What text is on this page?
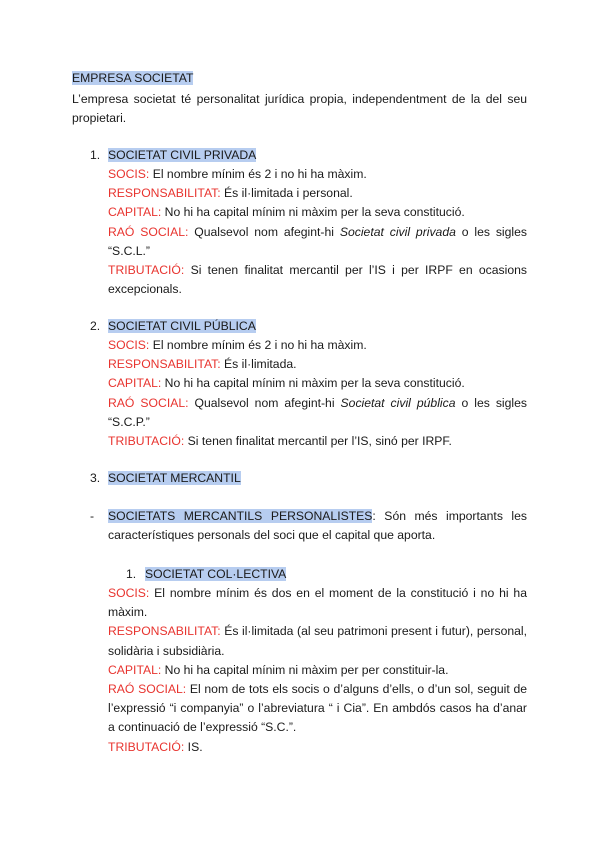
EMPRESA SOCIETAT

L’empresa societat té personalitat jurídica propia, independentment de la del seu propietari.

1. SOCIETAT CIVIL PRIVADA

SOCIS: El nombre mínim és 2 i no hi ha màxim.

RESPONSABILITAT: És il·limitada i personal.

CAPITAL: No hi ha capital mínim ni màxim per la seva constitució.

RAÓ SOCIAL: Qualsevol nom afegint-hi Societat civil privada o les sigles “S.C.L.”

TRIBUTACIÓ: Si tenen finalitat mercantil per l’IS i per IRPF en ocasions excepcionals.

2. SOCIETAT CIVIL PÚBLICA

SOCIS: El nombre mínim és 2 i no hi ha màxim.

RESPONSABILITAT: És il·limitada.

CAPITAL: No hi ha capital mínim ni màxim per la seva constitució.

RAÓ SOCIAL: Qualsevol nom afegint-hi Societat civil pública o les sigles “S.C.P.”

TRIBUTACIÓ: Si tenen finalitat mercantil per l’IS, sinó per IRPF.

3. SOCIETAT MERCANTIL
- SOCIETATS MERCANTILS PERSONALISTES: Són més importants les característiques personals del soci que el capital que aporta.

1. SOCIETAT COL·LECTIVA

SOCIS: El nombre mínim és dos en el moment de la constitució i no hi ha màxim.

RESPONSABILITAT: És il·limitada (al seu patrimoni present i futur), personal, solidària i subsidiària.

CAPITAL: No hi ha capital mínim ni màxim per per constituir-la.

RAÓ SOCIAL: El nom de tots els socis o d’alguns d’ells, o d’un sol, seguit de l’expressió “i companyia” o l’abreviatura “ i Cia”. En ambdós casos ha d’anar a continuació de l’expressió “S.C.”.

TRIBUTACIÓ: IS.
